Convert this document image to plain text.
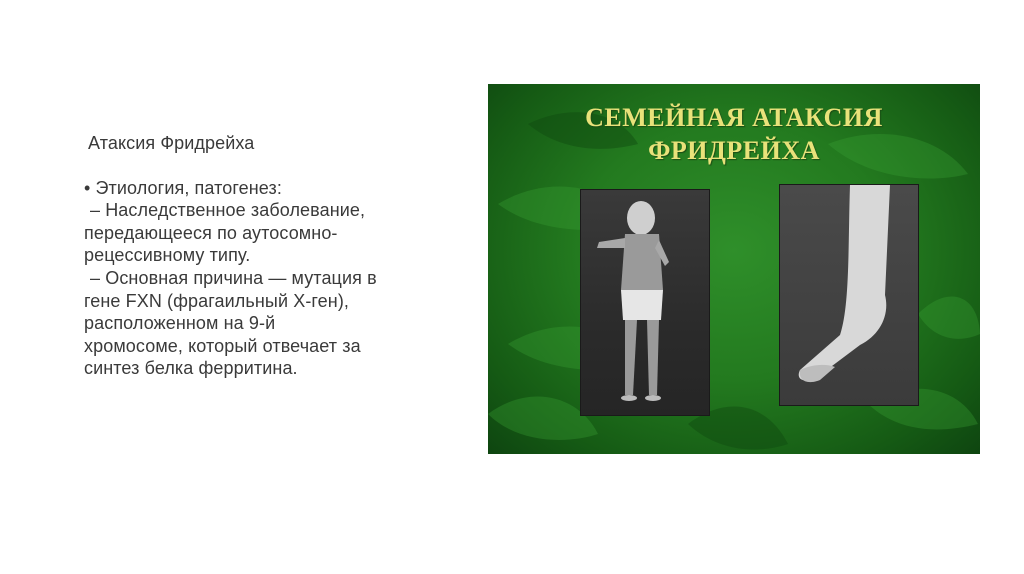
Атаксия Фридрейха
• Этиология, патогенез:
– Наследственное заболевание,
передающееся по аутосомно-
рецессивному типу.
– Основная причина — мутация в
гене FXN (фрагаильный Х-ген),
расположенном на 9-й
хромосоме, который отвечает за
синтез белка ферритина.
СЕМЕЙНАЯ АТАКСИЯ
ФРИДРЕЙХА
